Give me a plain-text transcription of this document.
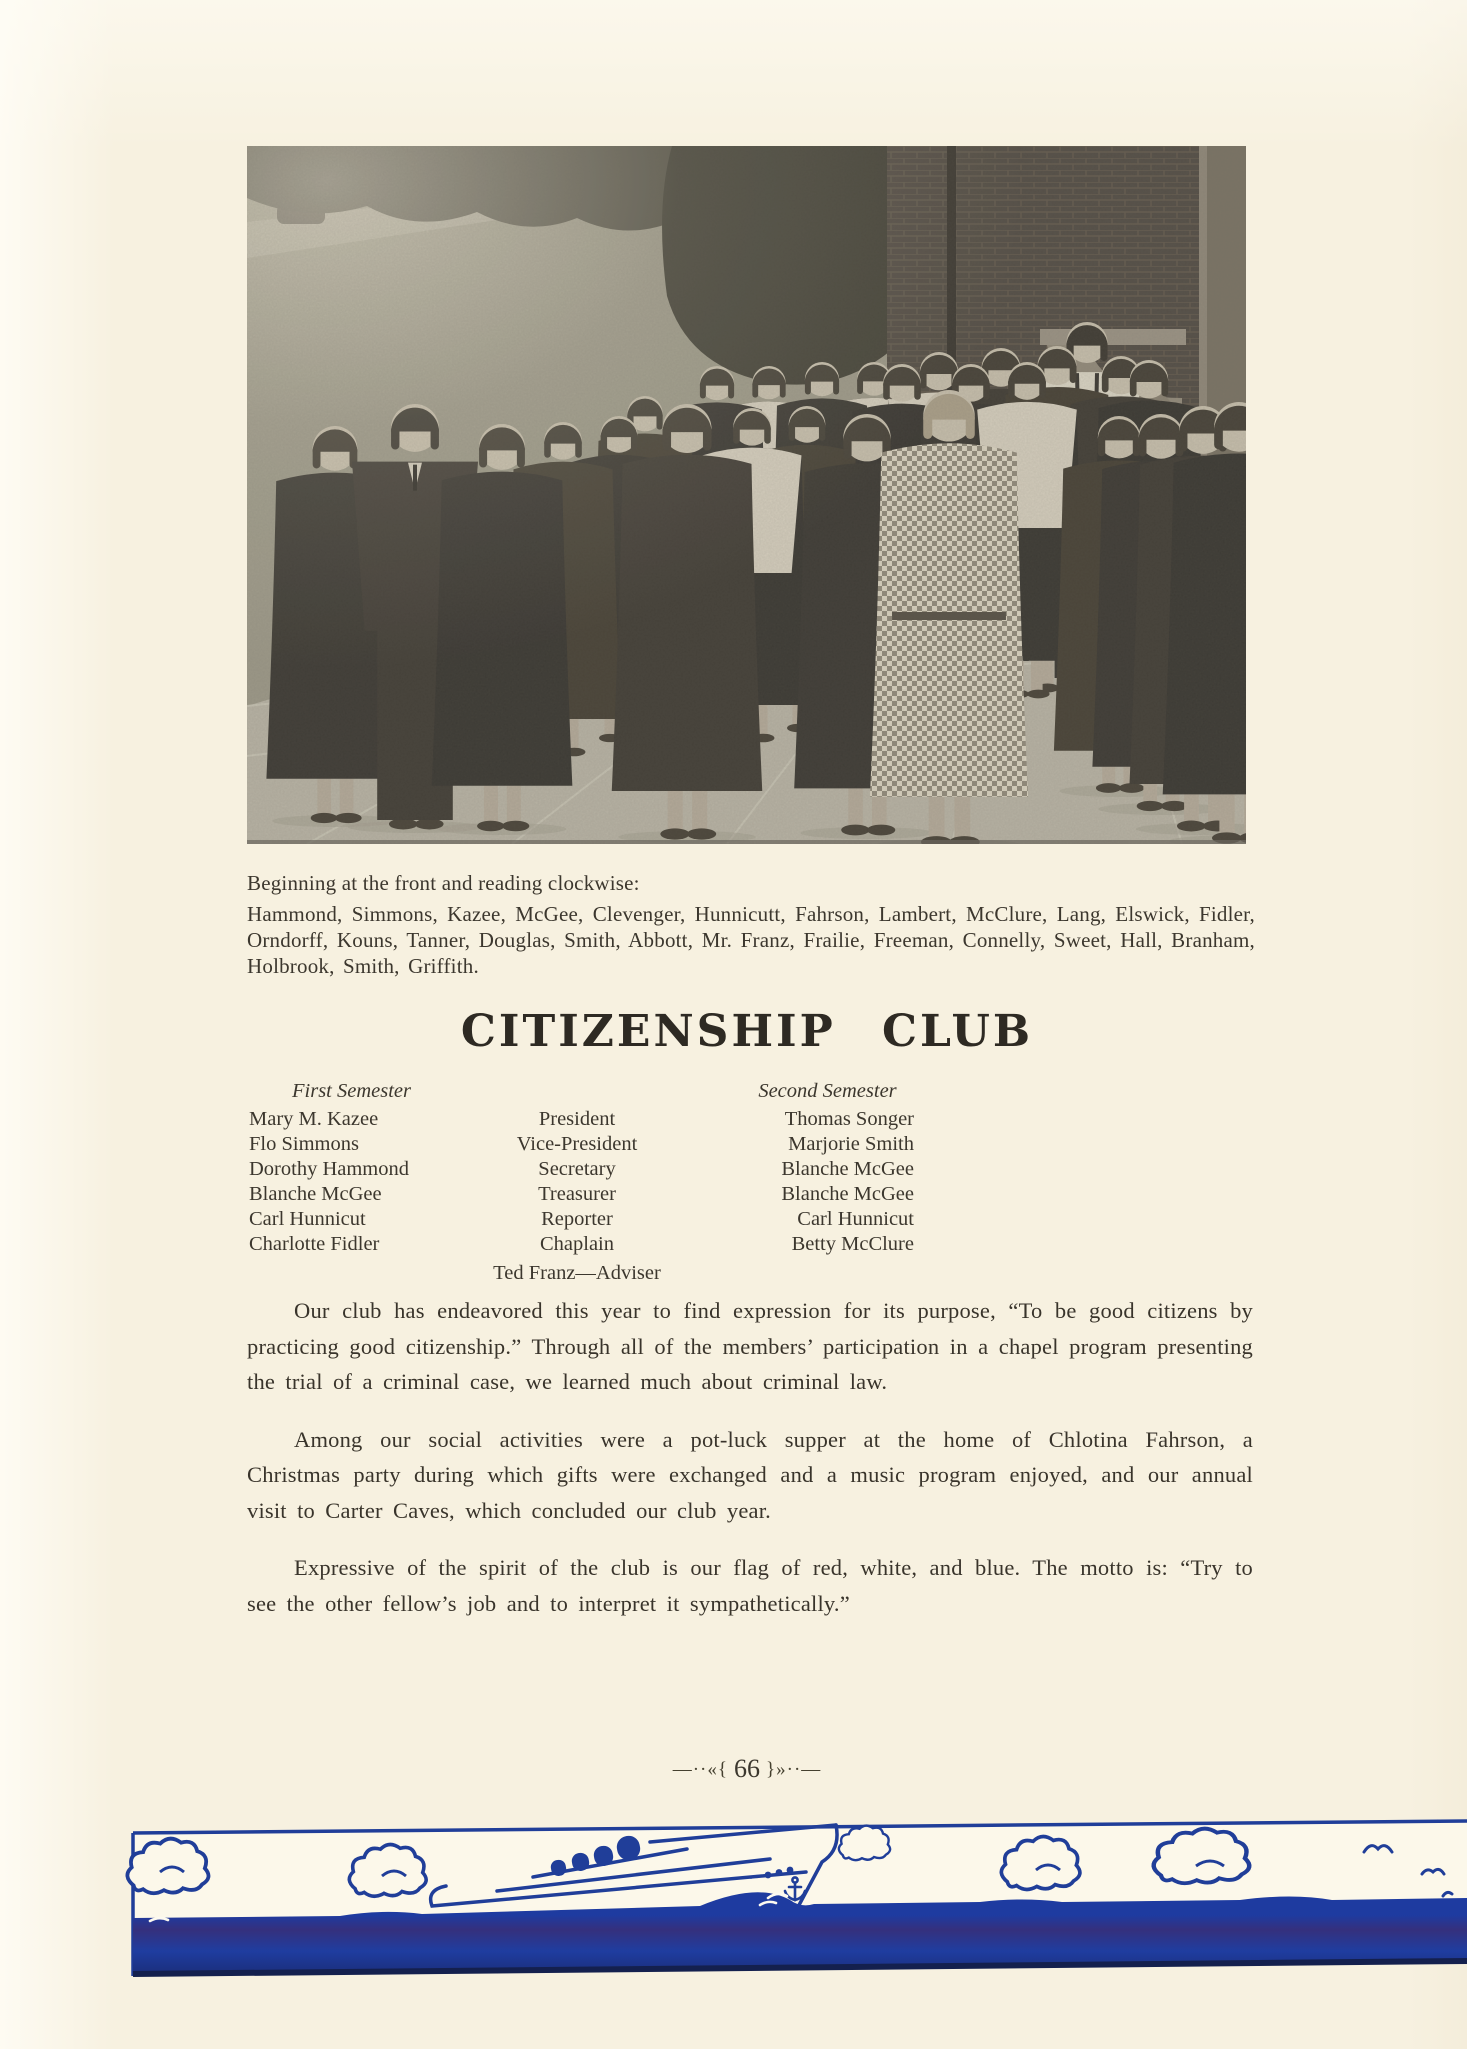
Beginning at the front and reading clockwise:

Hammond, Simmons, Kazee, McGee, Clevenger, Hunnicutt, Fahrson, Lambert, McClure, Lang, Elswick, Fidler, Orndorff, Kouns, Tanner, Douglas, Smith, Abbott, Mr. Franz, Frailie, Freeman, Connelly, Sweet, Hall, Branham, Holbrook, Smith, Griffith.

CITIZENSHIP CLUB
First Semester	Second Semester
Mary M. Kazee
Flo Simmons
Dorothy Hammond
Blanche McGee
Carl Hunnicut
Charlotte Fidler
President
Vice-President
Secretary
Treasurer
Reporter
Chaplain
Thomas Songer
Marjorie Smith
Blanche McGee
Blanche McGee
Carl Hunnicut
Betty McClure
Ted Franz—Adviser

Our club has endeavored this year to find expression for its purpose, “To be good citizens by practicing good citizenship.” Through all of the members’ participation in a chapel program presenting the trial of a criminal case, we learned much about criminal law.

Among our social activities were a pot-luck supper at the home of Chlotina Fahrson, a Christmas party during which gifts were exchanged and a music program enjoyed, and our annual visit to Carter Caves, which concluded our club year.

Expressive of the spirit of the club is our flag of red, white, and blue. The motto is: “Try to see the other fellow’s job and to interpret it sympathetically.”

—··«{ 66 }»··—
